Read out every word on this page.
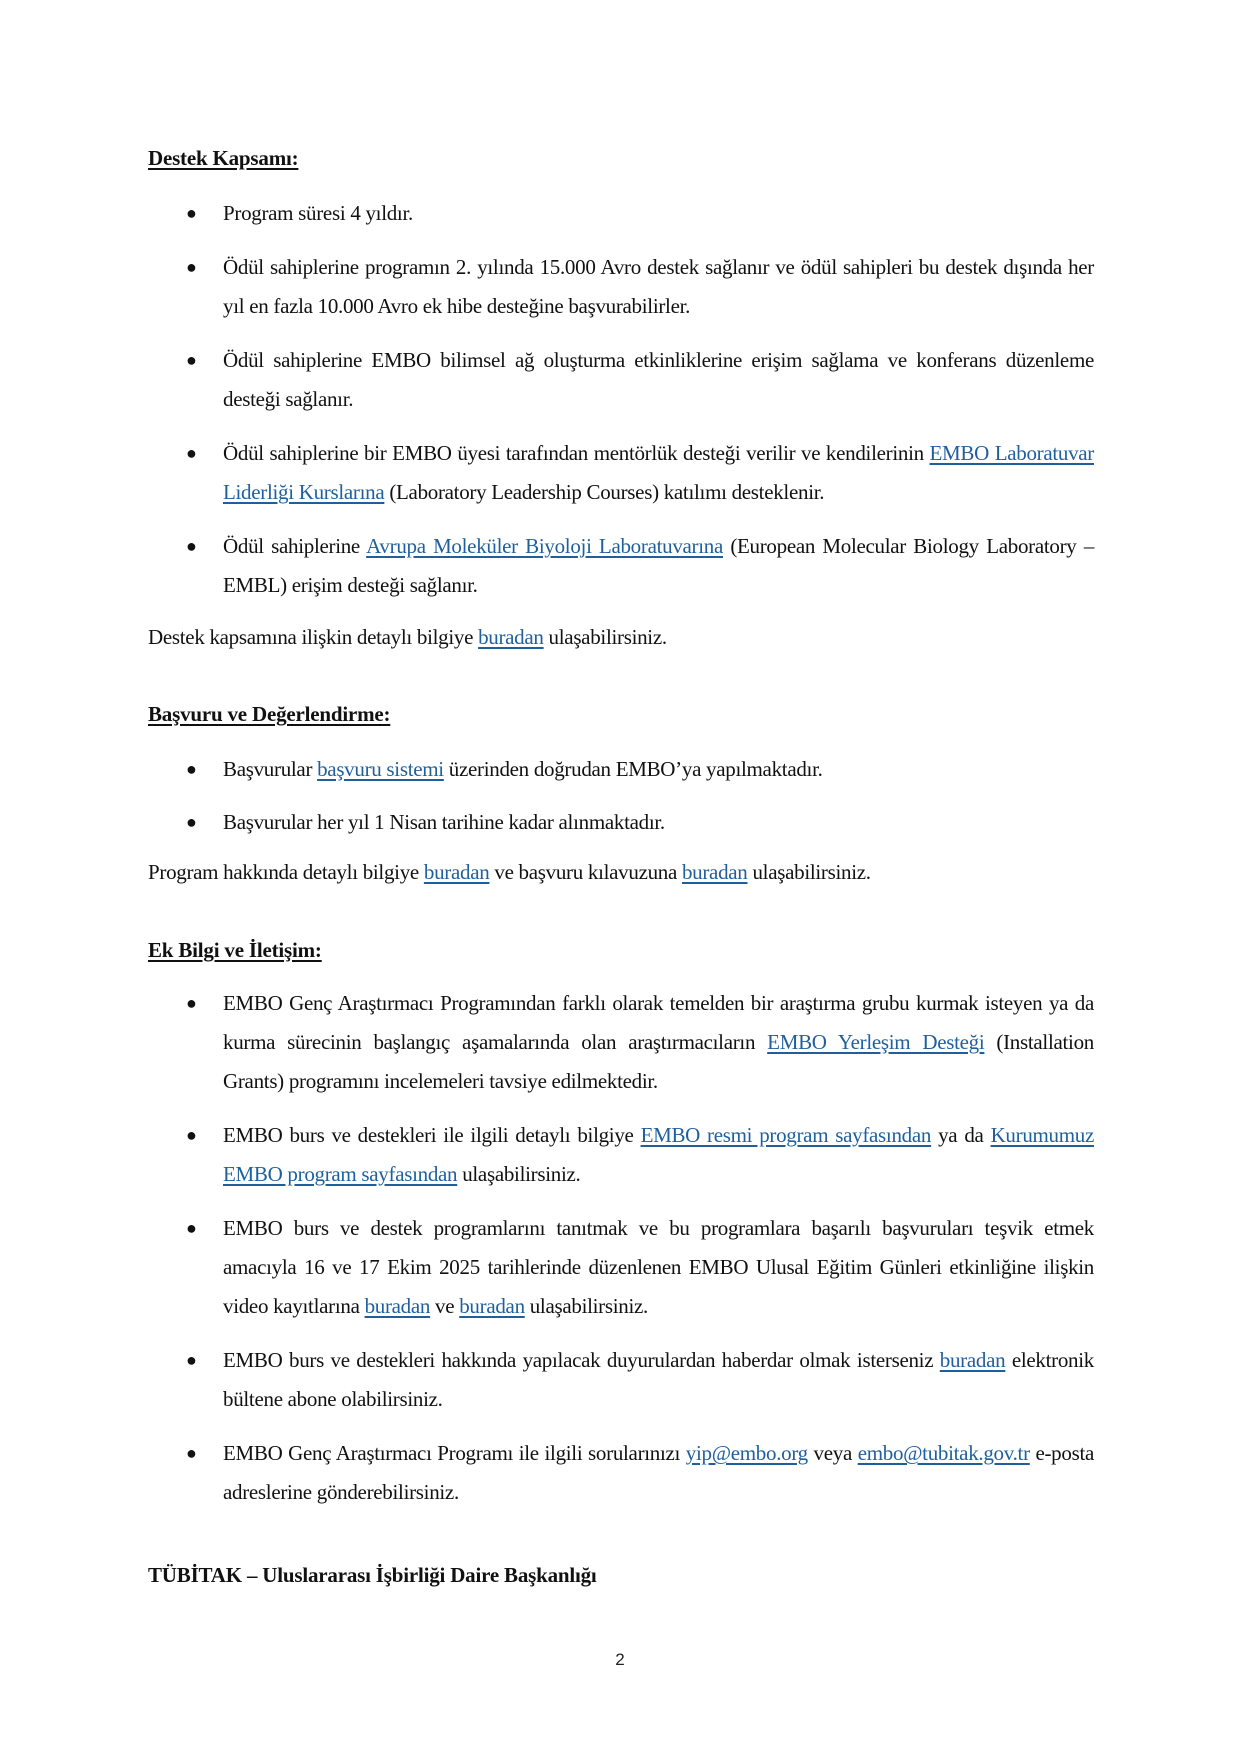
Destek Kapsamı:
● Program süresi 4 yıldır.
● Ödül sahiplerine programın 2. yılında 15.000 Avro destek sağlanır ve ödül sahipleri bu destek dışında her yıl en fazla 10.000 Avro ek hibe desteğine başvurabilirler.
● Ödül sahiplerine EMBO bilimsel ağ oluşturma etkinliklerine erişim sağlama ve konferans düzenleme desteği sağlanır.
● Ödül sahiplerine bir EMBO üyesi tarafından mentörlük desteği verilir ve kendilerinin EMBO Laboratuvar Liderliği Kurslarına (Laboratory Leadership Courses) katılımı desteklenir.
● Ödül sahiplerine Avrupa Moleküler Biyoloji Laboratuvarına (European Molecular Biology Laboratory – EMBL) erişim desteği sağlanır.
Destek kapsamına ilişkin detaylı bilgiye buradan ulaşabilirsiniz.
Başvuru ve Değerlendirme:
● Başvurular başvuru sistemi üzerinden doğrudan EMBO’ya yapılmaktadır.
● Başvurular her yıl 1 Nisan tarihine kadar alınmaktadır.
Program hakkında detaylı bilgiye buradan ve başvuru kılavuzuna buradan ulaşabilirsiniz.
Ek Bilgi ve İletişim:
● EMBO Genç Araştırmacı Programından farklı olarak temelden bir araştırma grubu kurmak isteyen ya da kurma sürecinin başlangıç aşamalarında olan araştırmacıların EMBO Yerleşim Desteği (Installation Grants) programını incelemeleri tavsiye edilmektedir.
● EMBO burs ve destekleri ile ilgili detaylı bilgiye EMBO resmi program sayfasından ya da Kurumumuz EMBO program sayfasından ulaşabilirsiniz.
● EMBO burs ve destek programlarını tanıtmak ve bu programlara başarılı başvuruları teşvik etmek amacıyla 16 ve 17 Ekim 2025 tarihlerinde düzenlenen EMBO Ulusal Eğitim Günleri etkinliğine ilişkin video kayıtlarına buradan ve buradan ulaşabilirsiniz.
● EMBO burs ve destekleri hakkında yapılacak duyurulardan haberdar olmak isterseniz buradan elektronik bültene abone olabilirsiniz.
● EMBO Genç Araştırmacı Programı ile ilgili sorularınızı yip@embo.org veya embo@tubitak.gov.tr e-posta adreslerine gönderebilirsiniz.
TÜBİTAK – Uluslararası İşbirliği Daire Başkanlığı
2
